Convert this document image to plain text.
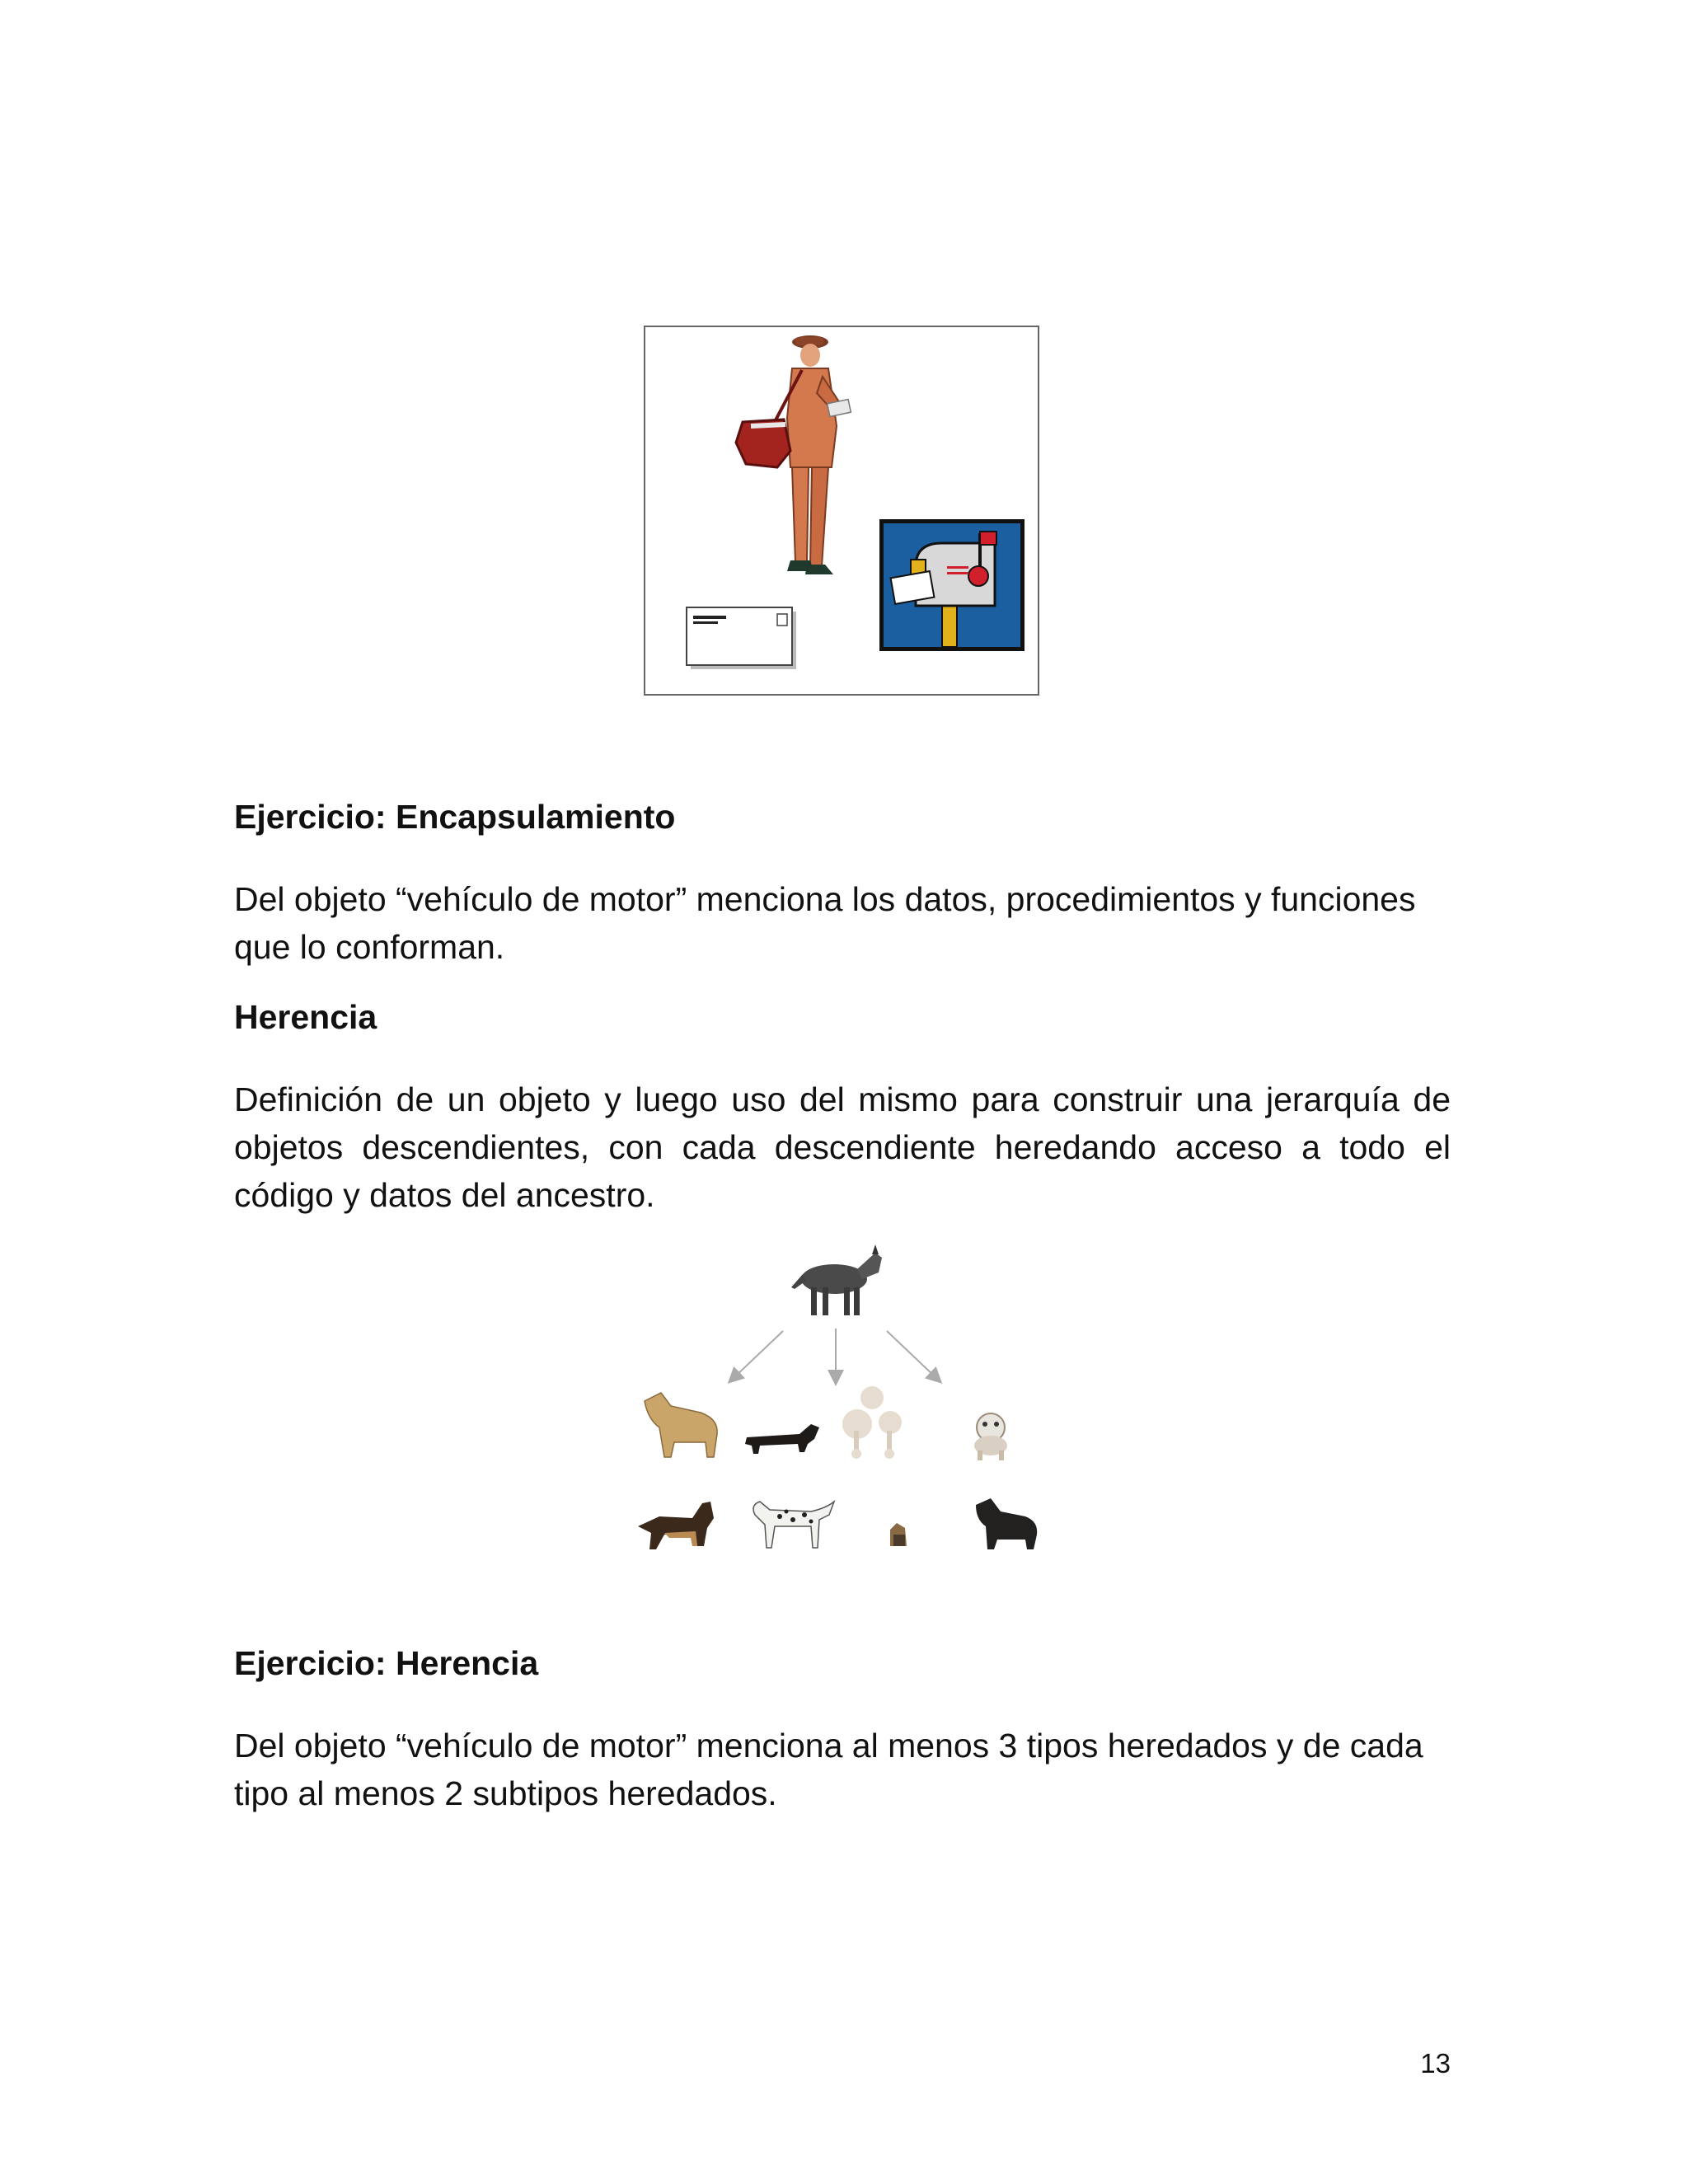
Ejercicio: Encapsulamiento

Del objeto “vehículo de motor” menciona los datos, procedimientos y funciones que lo conforman.

Herencia

Definición de un objeto y luego uso del mismo para construir una jerarquía de objetos descendientes, con cada descendiente heredando acceso a todo el código y datos del ancestro.

Ejercicio: Herencia

Del objeto “vehículo de motor” menciona al menos 3 tipos heredados y de cada tipo al menos 2 subtipos heredados.

13
